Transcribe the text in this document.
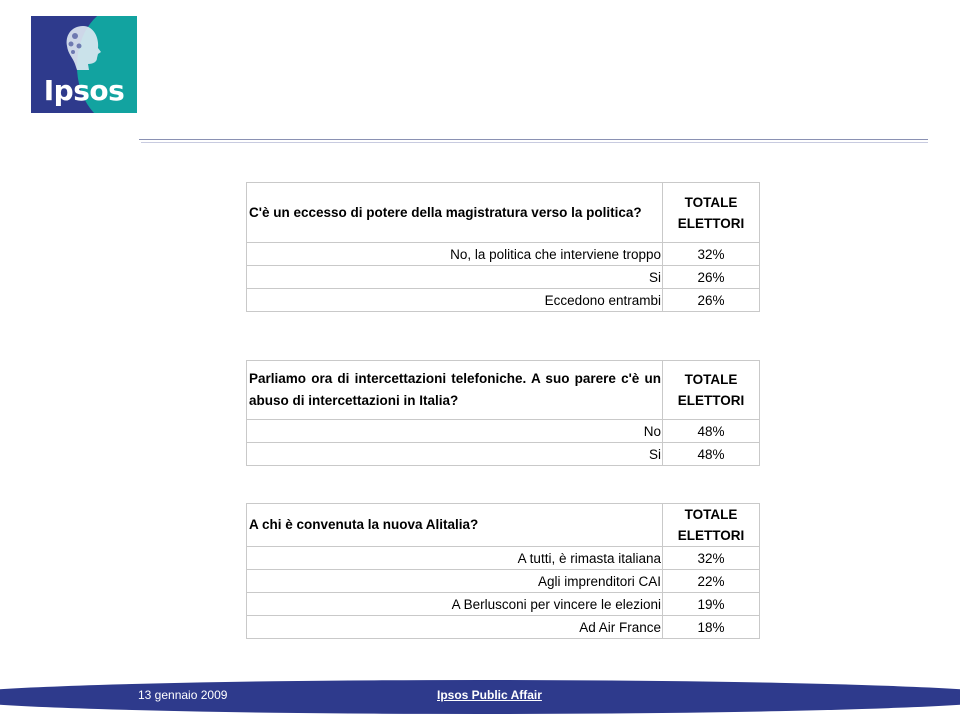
Ipsos
C'è un eccesso di potere della magistratura verso la politica?	TOTALE ELETTORI
No, la politica che interviene troppo	32%
Si	26%
Eccedono entrambi	26%
Parliamo ora di intercettazioni telefoniche. A suo parere c'è un abuso di intercettazioni in Italia?	TOTALE ELETTORI
No	48%
Si	48%
A chi è convenuta la nuova Alitalia?	TOTALE ELETTORI
A tutti, è rimasta italiana	32%
Agli imprenditori CAI	22%
A Berlusconi per vincere le elezioni	19%
Ad Air France	18%
13 gennaio 2009	Ipsos Public Affair
